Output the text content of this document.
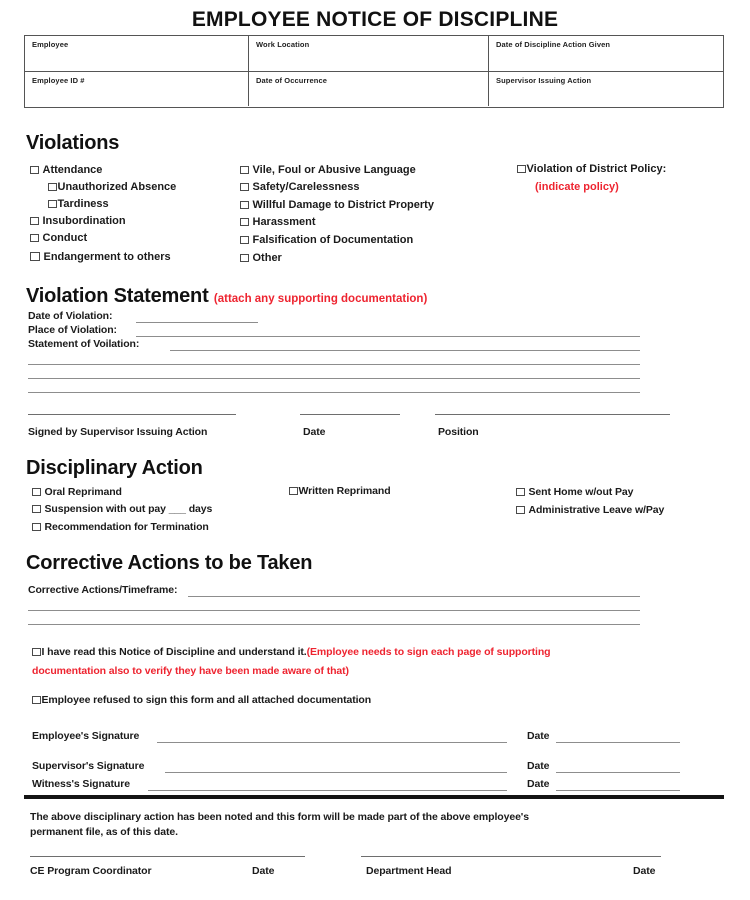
EMPLOYEE NOTICE OF DISCIPLINE
Employee	Work Location	Date of Discipline Action Given
Employee ID #	Date of Occurrence	Supervisor Issuing Action
Violations
Attendance
Unauthorized Absence
Tardiness
Insubordination
Conduct
Endangerment to others
Vile, Foul or Abusive Language
Safety/Carelessness
Willful Damage to District Property
Harassment
Falsification of Documentation
Other
Violation of District Policy:
(indicate policy)
Violation Statement (attach any supporting documentation)
Date of Violation:
Place of Violation:
Statement of Voilation:
Signed by Supervisor Issuing Action	Date	Position
Disciplinary Action
Oral Reprimand
Suspension with out pay ___ days
Recommendation for Termination
Written Reprimand	Sent Home w/out Pay
Administrative Leave w/Pay
Corrective Actions to be Taken
Corrective Actions/Timeframe:
I have read this Notice of Discipline and understand it.(Employee needs to sign each page of supporting
documentation also to verify they have been made aware of that)
Employee refused to sign this form and all attached documentation
Employee's Signature	Date
Supervisor's Signature	Date
Witness's Signature	Date
The above disciplinary action has been noted and this form will be made part of the above employee's
permanent file, as of this date.
CE Program Coordinator	Date	Department Head	Date
